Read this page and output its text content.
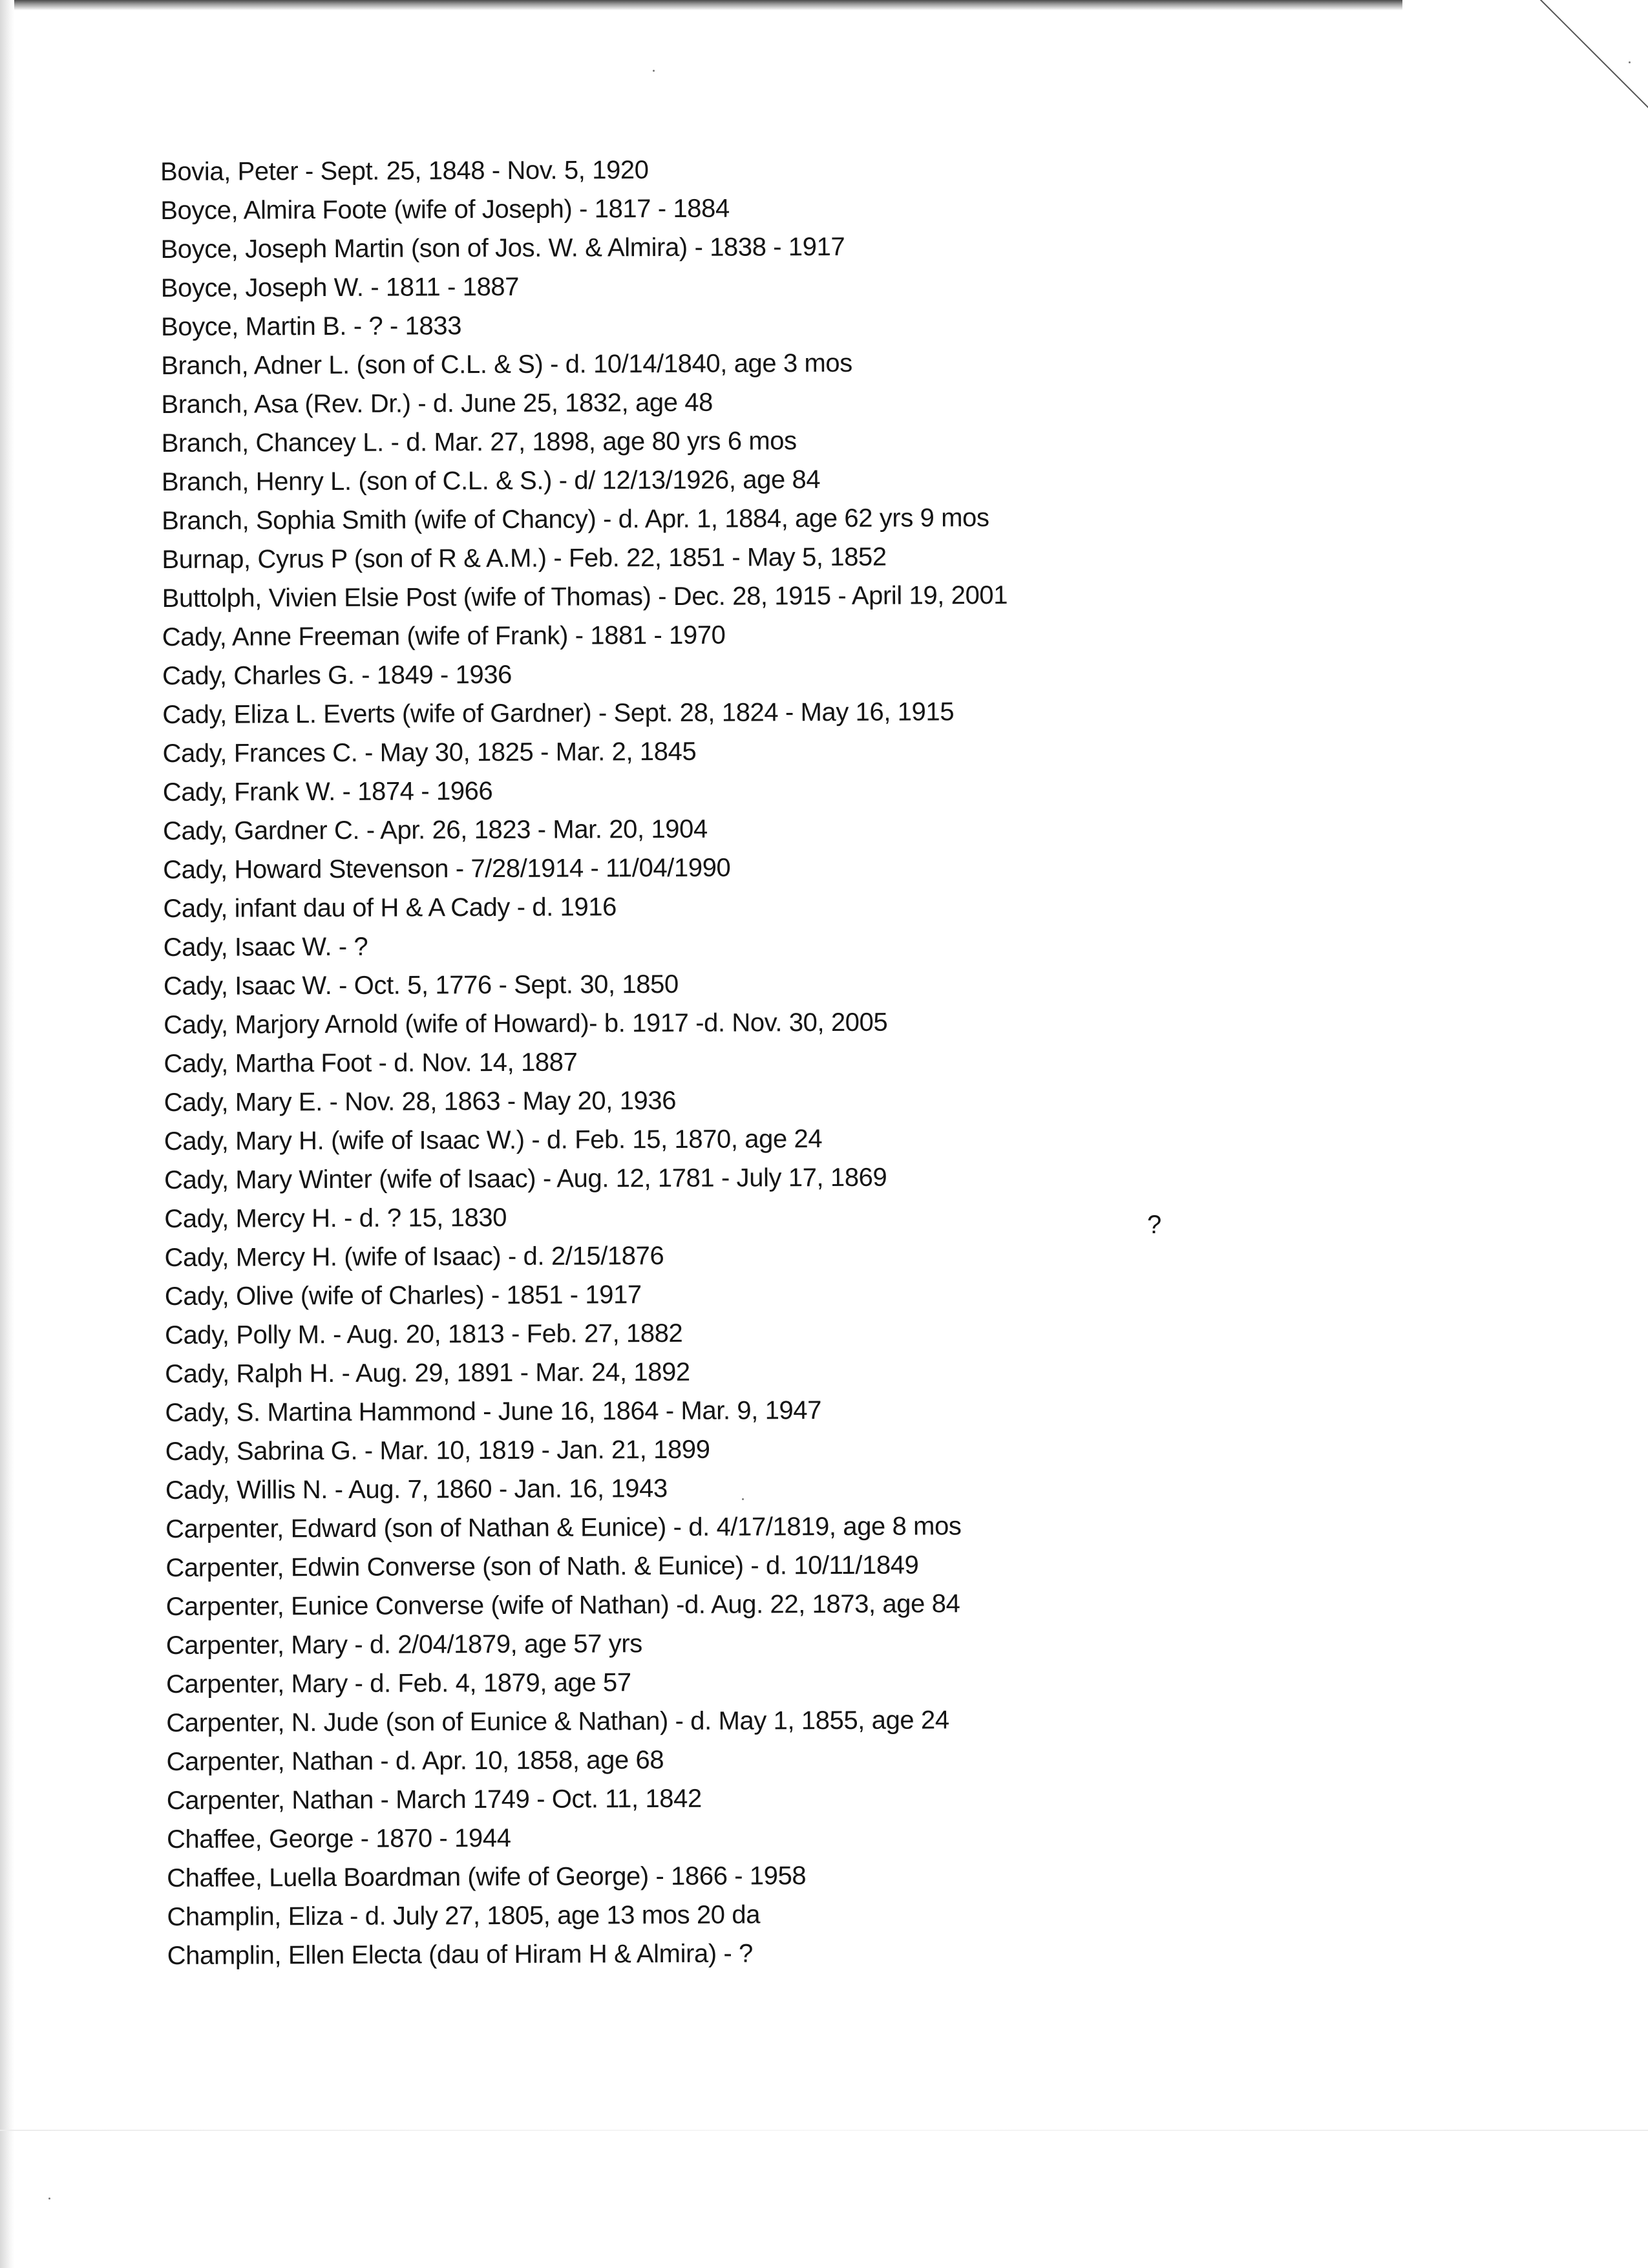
Bovia, Peter - Sept. 25, 1848 - Nov. 5, 1920
Boyce, Almira Foote (wife of Joseph) - 1817 - 1884
Boyce, Joseph Martin (son of Jos. W. & Almira) - 1838 - 1917
Boyce, Joseph W. - 1811 - 1887
Boyce, Martin B. - ? - 1833
Branch, Adner L. (son of C.L. & S) - d. 10/14/1840, age 3 mos
Branch, Asa (Rev. Dr.) - d. June 25, 1832, age 48
Branch, Chancey L. - d. Mar. 27, 1898, age 80 yrs 6 mos
Branch, Henry L. (son of C.L. & S.) - d/ 12/13/1926, age 84
Branch, Sophia Smith (wife of Chancy) - d. Apr. 1, 1884, age 62 yrs 9 mos
Burnap, Cyrus P (son of R & A.M.) - Feb. 22, 1851 - May 5, 1852
Buttolph, Vivien Elsie Post (wife of Thomas) - Dec. 28, 1915 - April 19, 2001
Cady, Anne Freeman (wife of Frank) - 1881 - 1970
Cady, Charles G. - 1849 - 1936
Cady, Eliza L. Everts (wife of Gardner) - Sept. 28, 1824 - May 16, 1915
Cady, Frances C. - May 30, 1825 - Mar. 2, 1845
Cady, Frank W. - 1874 - 1966
Cady, Gardner C. - Apr. 26, 1823 - Mar. 20, 1904
Cady, Howard Stevenson - 7/28/1914 - 11/04/1990
Cady, infant dau of H & A Cady - d. 1916
Cady, Isaac W. - ?
Cady, Isaac W. - Oct. 5, 1776 - Sept. 30, 1850
Cady, Marjory Arnold (wife of Howard)- b. 1917 -d. Nov. 30, 2005
Cady, Martha Foot - d. Nov. 14, 1887
Cady, Mary E. - Nov. 28, 1863 - May 20, 1936
Cady, Mary H. (wife of Isaac W.) - d. Feb. 15, 1870, age 24
Cady, Mary Winter (wife of Isaac) - Aug. 12, 1781 - July 17, 1869
Cady, Mercy H. - d. ? 15, 1830
Cady, Mercy H. (wife of Isaac) - d. 2/15/1876
Cady, Olive (wife of Charles) - 1851 - 1917
Cady, Polly M. - Aug. 20, 1813 - Feb. 27, 1882
Cady, Ralph H. - Aug. 29, 1891 - Mar. 24, 1892
Cady, S. Martina Hammond - June 16, 1864 - Mar. 9, 1947
Cady, Sabrina G. - Mar. 10, 1819 - Jan. 21, 1899
Cady, Willis N. - Aug. 7, 1860 - Jan. 16, 1943
Carpenter, Edward (son of Nathan & Eunice) - d. 4/17/1819, age 8 mos
Carpenter, Edwin Converse (son of Nath. & Eunice) - d. 10/11/1849
Carpenter, Eunice Converse (wife of Nathan) -d. Aug. 22, 1873, age 84
Carpenter, Mary - d. 2/04/1879, age 57 yrs
Carpenter, Mary - d. Feb. 4, 1879, age 57
Carpenter, N. Jude (son of Eunice & Nathan) - d. May 1, 1855, age 24
Carpenter, Nathan - d. Apr. 10, 1858, age 68
Carpenter, Nathan - March 1749 - Oct. 11, 1842
Chaffee, George - 1870 - 1944
Chaffee, Luella Boardman (wife of George) - 1866 - 1958
Champlin, Eliza - d. July 27, 1805, age 13 mos 20 da
Champlin, Ellen Electa (dau of Hiram H & Almira) - ?
?
